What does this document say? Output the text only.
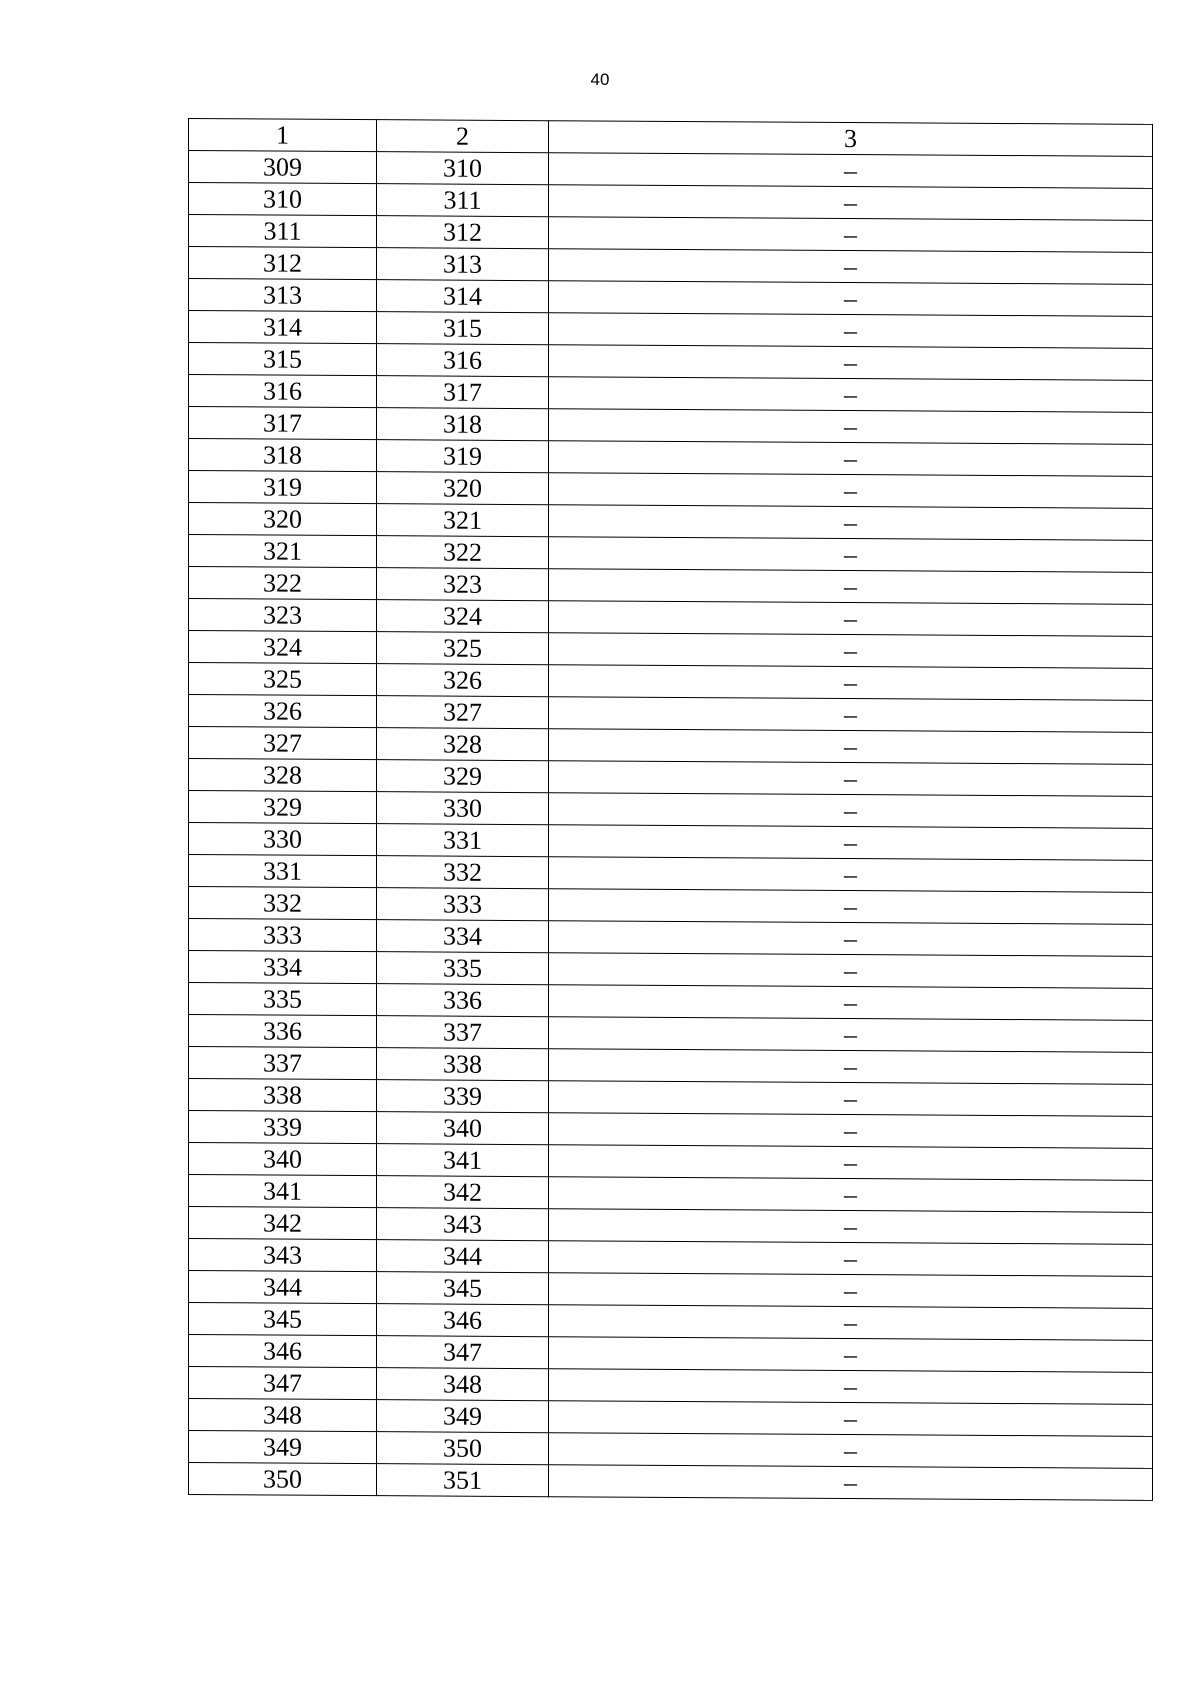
40
1	2	3
309	310	–
310	311	–
311	312	–
312	313	–
313	314	–
314	315	–
315	316	–
316	317	–
317	318	–
318	319	–
319	320	–
320	321	–
321	322	–
322	323	–
323	324	–
324	325	–
325	326	–
326	327	–
327	328	–
328	329	–
329	330	–
330	331	–
331	332	–
332	333	–
333	334	–
334	335	–
335	336	–
336	337	–
337	338	–
338	339	–
339	340	–
340	341	–
341	342	–
342	343	–
343	344	–
344	345	–
345	346	–
346	347	–
347	348	–
348	349	–
349	350	–
350	351	–
